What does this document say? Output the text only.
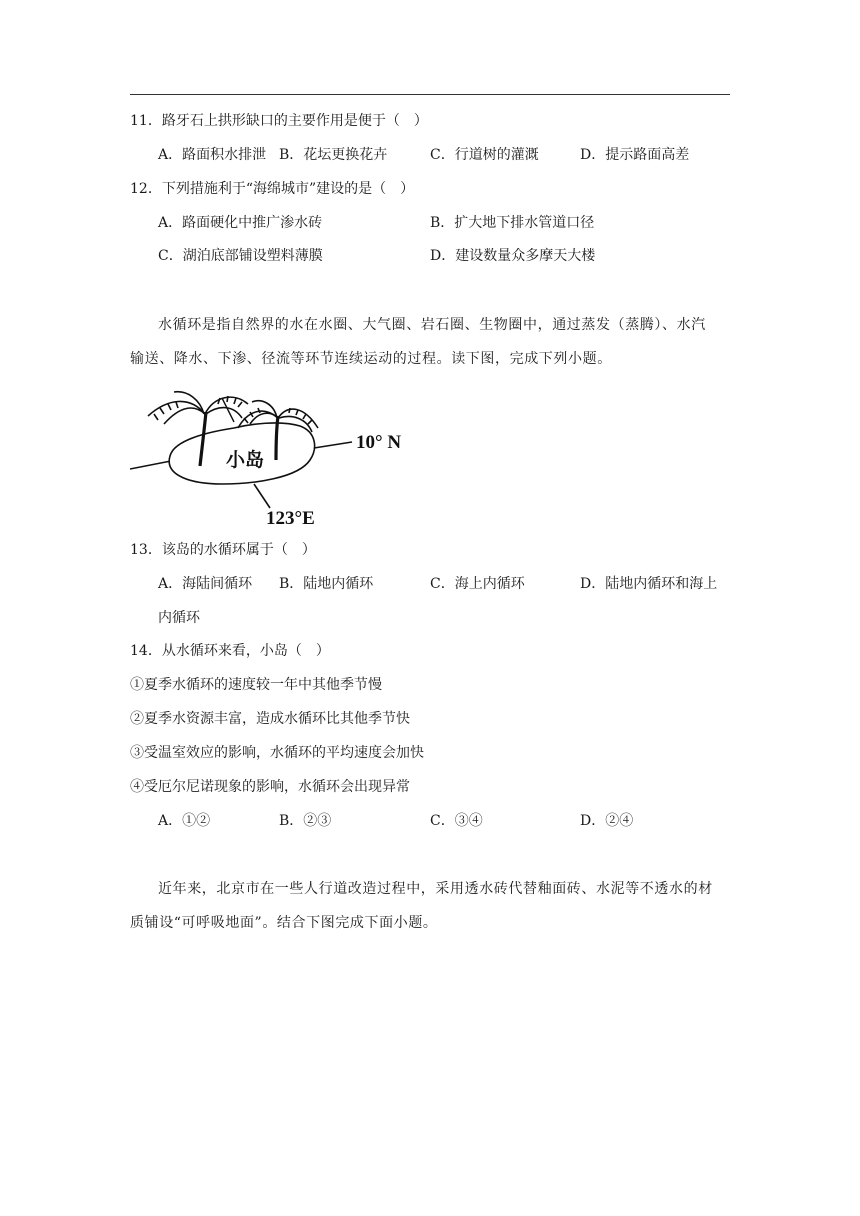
11．路牙石上拱形缺口的主要作用是便于（　）
A．路面积水排泄 B．花坛更换花卉	C．行道树的灌溉	D．提示路面高差
12．下列措施利于“海绵城市”建设的是（　）
A．路面硬化中推广渗水砖	B．扩大地下排水管道口径
C．湖泊底部铺设塑料薄膜	D．建设数量众多摩天大楼
水循环是指自然界的水在水圈、大气圈、岩石圈、生物圈中，通过蒸发（蒸腾）、水汽
输送、降水、下渗、径流等环节连续运动的过程。读下图，完成下列小题。
小岛
10° N
123°E
13．该岛的水循环属于（　）
A．海陆间循环 B．陆地内循环	C．海上内循环	D．陆地内循环和海上
内循环
14．从水循环来看，小岛（　）
①夏季水循环的速度较一年中其他季节慢
②夏季水资源丰富，造成水循环比其他季节快
③受温室效应的影响，水循环的平均速度会加快
④受厄尔尼诺现象的影响，水循环会出现异常
A．①②	B．②③	C．③④	D．②④
近年来，北京市在一些人行道改造过程中，采用透水砖代替釉面砖、水泥等不透水的材
质铺设“可呼吸地面”。结合下图完成下面小题。
